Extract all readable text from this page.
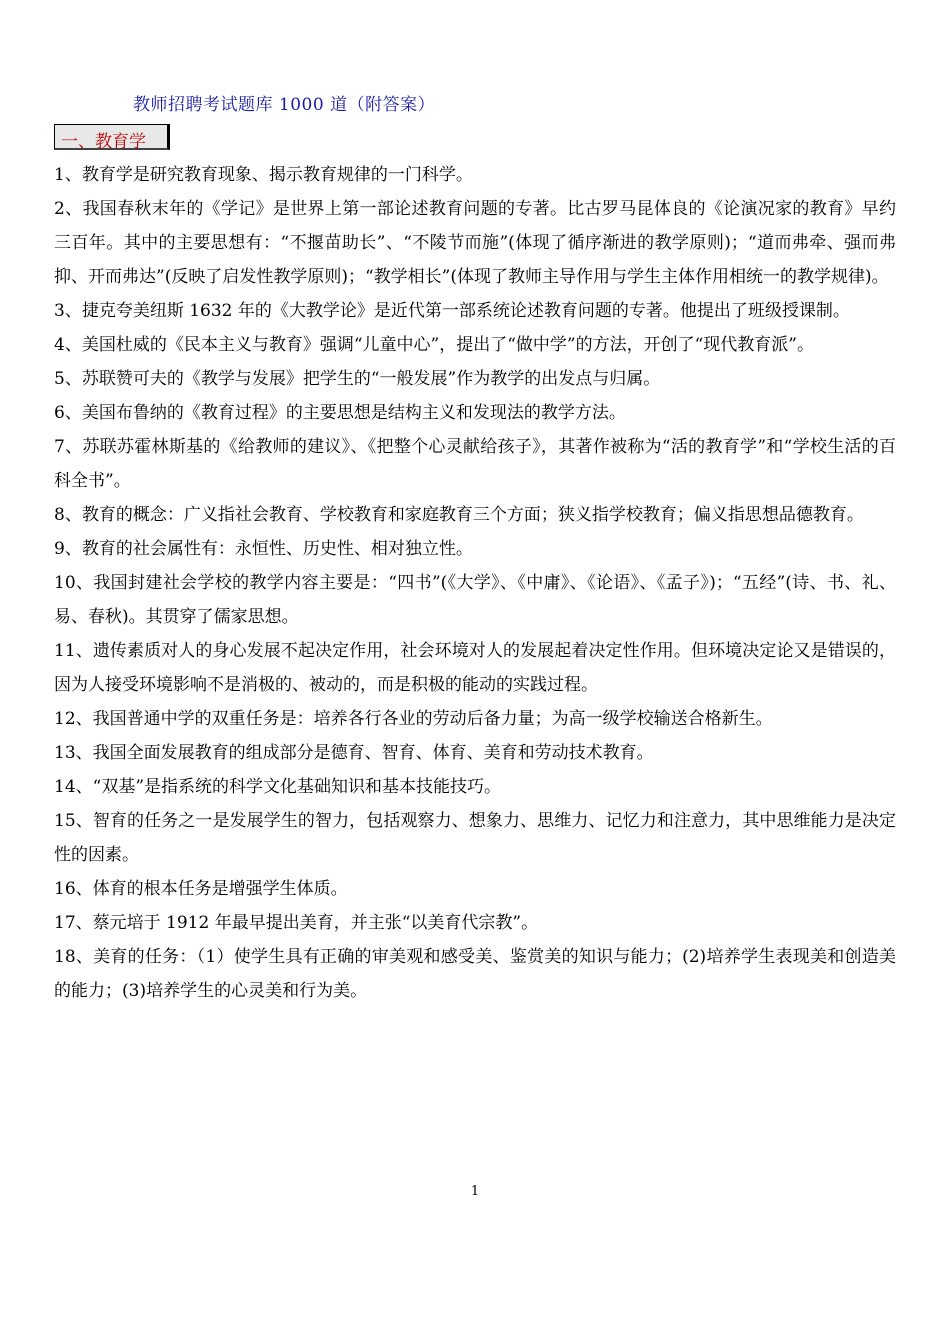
教师招聘考试题库 1000 道（附答案）
一、教育学

1、教育学是研究教育现象、揭示教育规律的一门科学。

2、我国春秋末年的《学记》是世界上第一部论述教育问题的专著。比古罗马昆体良的《论演况家的教育》早约三百年。其中的主要思想有：“不揠苗助长”、“不陵节而施”(体现了循序渐进的教学原则)；“道而弗牵、强而弗抑、开而弗达”(反映了启发性教学原则)；“教学相长”(体现了教师主导作用与学生主体作用相统一的教学规律)。

3、捷克夸美纽斯 1632 年的《大教学论》是近代第一部系统论述教育问题的专著。他提出了班级授课制。

4、美国杜威的《民本主义与教育》强调“儿童中心”，提出了“做中学”的方法，开创了“现代教育派”。

5、苏联赞可夫的《教学与发展》把学生的“一般发展”作为教学的出发点与归属。

6、美国布鲁纳的《教育过程》的主要思想是结构主义和发现法的教学方法。

7、苏联苏霍林斯基的《给教师的建议》、《把整个心灵献给孩子》，其著作被称为“活的教育学”和“学校生活的百科全书”。

8、教育的概念：广义指社会教育、学校教育和家庭教育三个方面；狭义指学校教育；偏义指思想品德教育。

9、教育的社会属性有：永恒性、历史性、相对独立性。

10、我国封建社会学校的教学内容主要是：“四书”(《大学》、《中庸》、《论语》、《孟子》)；“五经”(诗、书、礼、易、春秋)。其贯穿了儒家思想。

11、遗传素质对人的身心发展不起决定作用，社会环境对人的发展起着决定性作用。但环境决定论又是错误的，因为人接受环境影响不是消极的、被动的，而是积极的能动的实践过程。

12、我国普通中学的双重任务是：培养各行各业的劳动后备力量；为高一级学校输送合格新生。

13、我国全面发展教育的组成部分是德育、智育、体育、美育和劳动技术教育。

14、“双基”是指系统的科学文化基础知识和基本技能技巧。

15、智育的任务之一是发展学生的智力，包括观察力、想象力、思维力、记忆力和注意力，其中思维能力是决定性的因素。

16、体育的根本任务是增强学生体质。

17、蔡元培于 1912 年最早提出美育，并主张“以美育代宗教”。

18、美育的任务：（1）使学生具有正确的审美观和感受美、鉴赏美的知识与能力；(2)培养学生表现美和创造美的能力；(3)培养学生的心灵美和行为美。

1
